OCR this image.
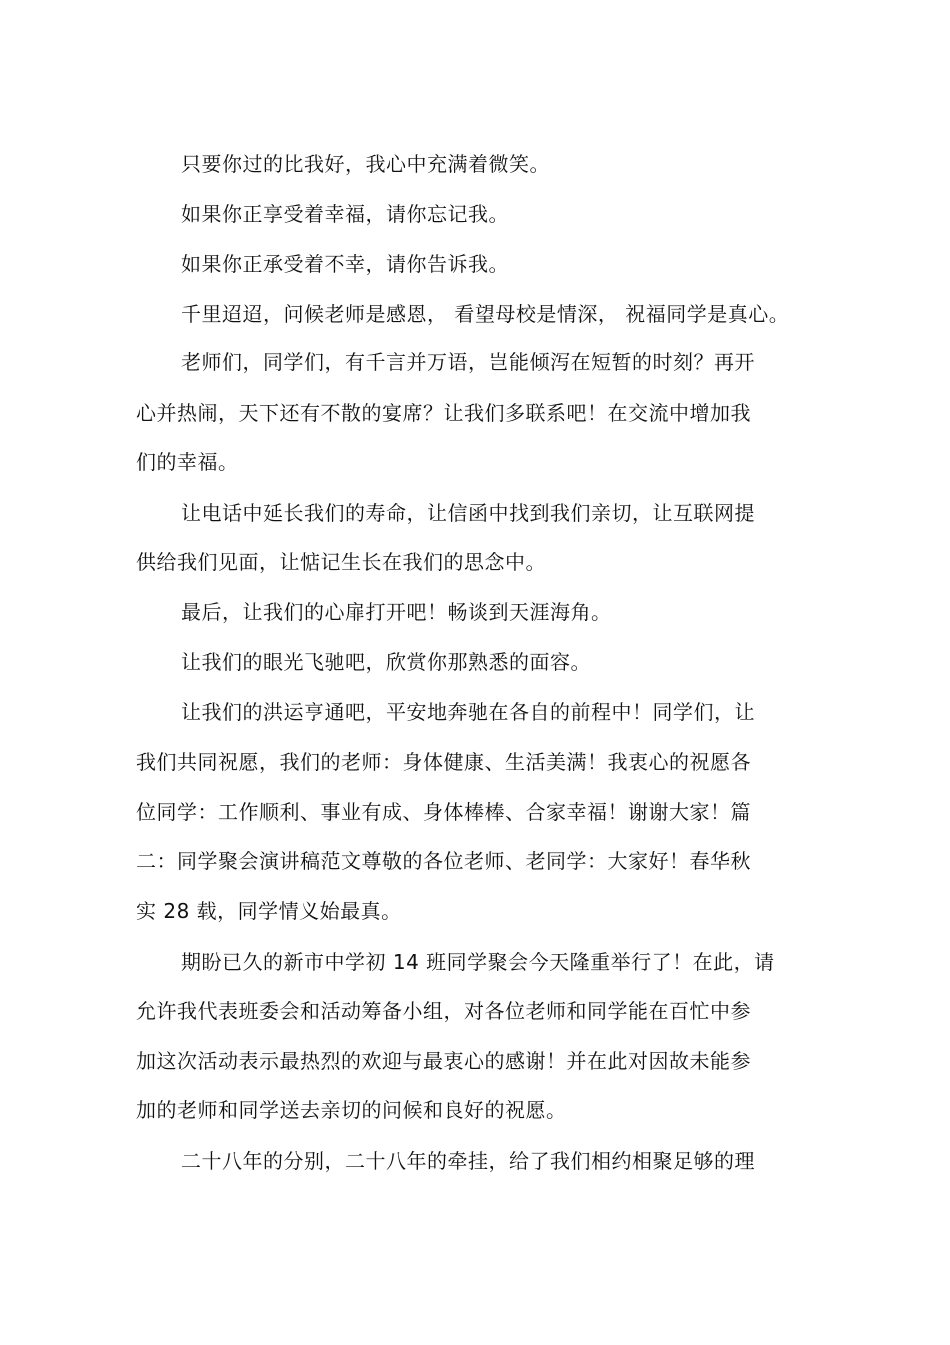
只要你过的比我好，我心中充满着微笑。
如果你正享受着幸福，请你忘记我。
如果你正承受着不幸，请你告诉我。
千里迢迢，问候老师是感恩， 看望母校是情深， 祝福同学是真心。
老师们，同学们，有千言并万语，岂能倾泻在短暂的时刻？再开
心并热闹，天下还有不散的宴席？让我们多联系吧！在交流中增加我
们的幸福。
让电话中延长我们的寿命，让信函中找到我们亲切，让互联网提
供给我们见面，让惦记生长在我们的思念中。
最后，让我们的心扉打开吧！畅谈到天涯海角。
让我们的眼光飞驰吧，欣赏你那熟悉的面容。
让我们的洪运亨通吧，平安地奔驰在各自的前程中！同学们，让
我们共同祝愿，我们的老师：身体健康、生活美满！我衷心的祝愿各
位同学：工作顺利、事业有成、身体棒棒、合家幸福！谢谢大家！篇
二：同学聚会演讲稿范文尊敬的各位老师、老同学：大家好！春华秋
实 28 载，同学情义始最真。
期盼已久的新市中学初 14 班同学聚会今天隆重举行了！在此，请
允许我代表班委会和活动筹备小组，对各位老师和同学能在百忙中参
加这次活动表示最热烈的欢迎与最衷心的感谢！并在此对因故未能参
加的老师和同学送去亲切的问候和良好的祝愿。
二十八年的分别，二十八年的牵挂，给了我们相约相聚足够的理
